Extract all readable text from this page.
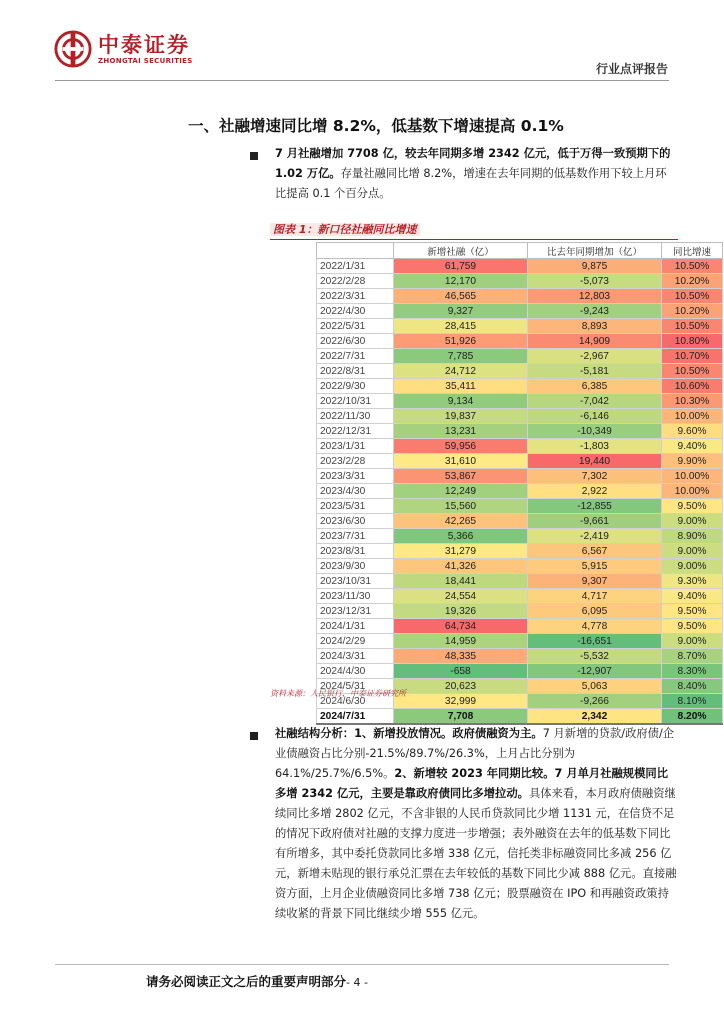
中泰证券
ZHONGTAI SECURITIES
行业点评报告
一、社融增速同比增 8.2%，低基数下增速提高 0.1%
7 月社融增加 7708 亿，较去年同期多增 2342 亿元，低于万得一致预期下的 1.02 万亿。存量社融同比增 8.2%，增速在去年同期的低基数作用下较上月环比提高 0.1 个百分点。
图表 1：新口径社融同比增速
	新增社融（亿）	比去年同期增加（亿）	同比增速
2022/1/31	61,759	9,875	10.50%
2022/2/28	12,170	-5,073	10.20%
2022/3/31	46,565	12,803	10.50%
2022/4/30	9,327	-9,243	10.20%
2022/5/31	28,415	8,893	10.50%
2022/6/30	51,926	14,909	10.80%
2022/7/31	7,785	-2,967	10.70%
2022/8/31	24,712	-5,181	10.50%
2022/9/30	35,411	6,385	10.60%
2022/10/31	9,134	-7,042	10.30%
2022/11/30	19,837	-6,146	10.00%
2022/12/31	13,231	-10,349	9.60%
2023/1/31	59,956	-1,803	9.40%
2023/2/28	31,610	19,440	9.90%
2023/3/31	53,867	7,302	10.00%
2023/4/30	12,249	2,922	10.00%
2023/5/31	15,560	-12,855	9.50%
2023/6/30	42,265	-9,661	9.00%
2023/7/31	5,366	-2,419	8.90%
2023/8/31	31,279	6,567	9.00%
2023/9/30	41,326	5,915	9.00%
2023/10/31	18,441	9,307	9.30%
2023/11/30	24,554	4,717	9.40%
2023/12/31	19,326	6,095	9.50%
2024/1/31	64,734	4,778	9.50%
2024/2/29	14,959	-16,651	9.00%
2024/3/31	48,335	-5,532	8.70%
2024/4/30	-658	-12,907	8.30%
2024/5/31	20,623	5,063	8.40%
2024/6/30	32,999	-9,266	8.10%
2024/7/31	7,708	2,342	8.20%
资料来源：人民银行，中泰证券研究所
社融结构分析：1、新增投放情况。政府债融资为主。7 月新增的贷款/政府债/企业债融资占比分别-21.5%/89.7%/26.3%，上月占比分别为 64.1%/25.7%/6.5%。2、新增较 2023 年同期比较。7 月单月社融规模同比多增 2342 亿元，主要是靠政府债同比多增拉动。具体来看，本月政府债融资继续同比多增 2802 亿元，不含非银的人民币贷款同比少增 1131 元，在信贷不足的情况下政府债对社融的支撑力度进一步增强；表外融资在去年的低基数下同比有所增多，其中委托贷款同比多增 338 亿元，信托类非标融资同比多减 256 亿元，新增未贴现的银行承兑汇票在去年较低的基数下同比少减 888 亿元。直接融资方面，上月企业债融资同比多增 738 亿元；股票融资在 IPO 和再融资政策持续收紧的背景下同比继续少增 555 亿元。
请务必阅读正文之后的重要声明部分- 4 -
